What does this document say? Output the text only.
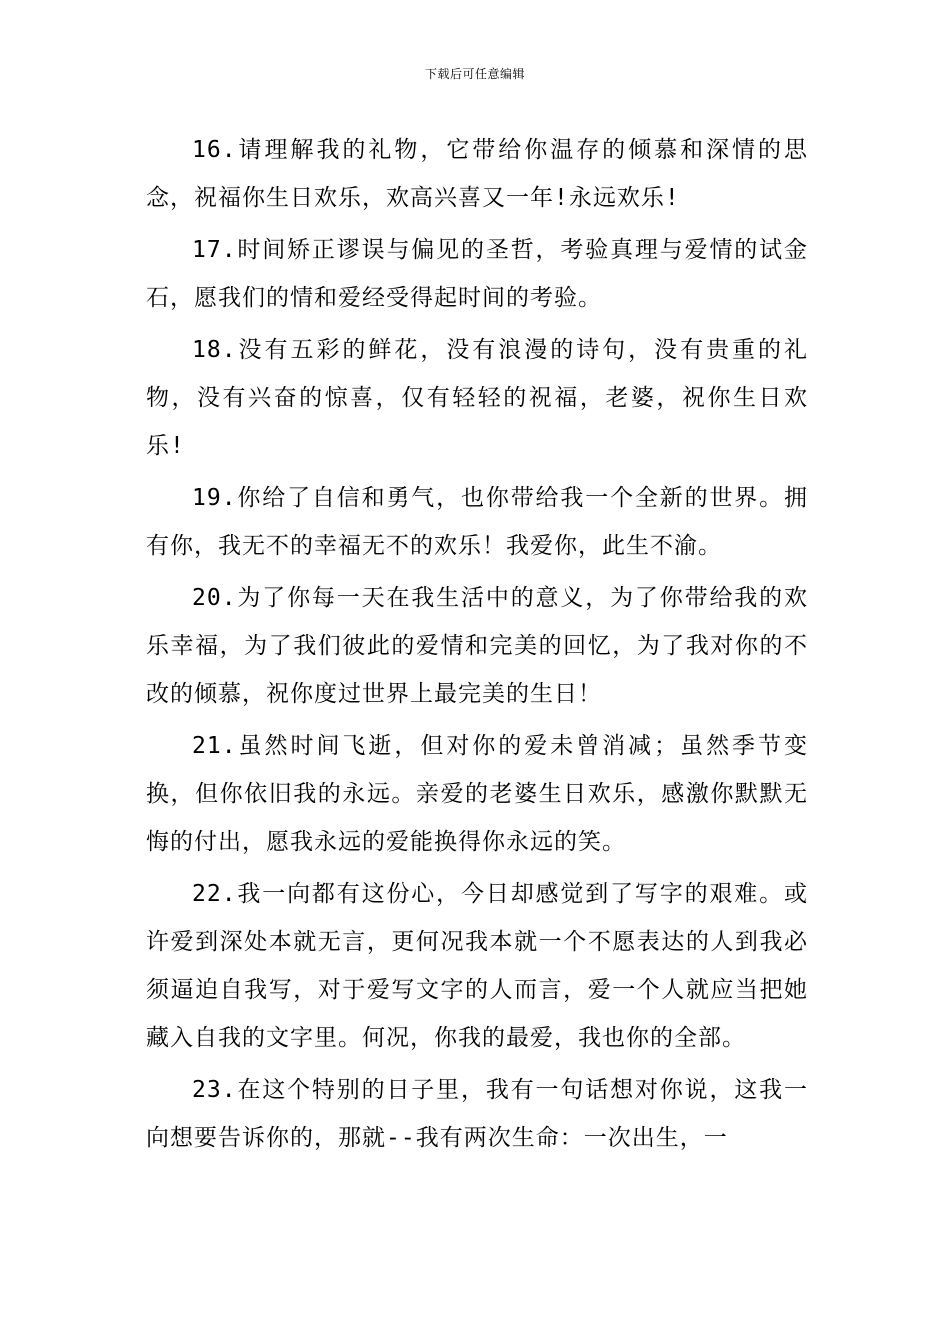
下载后可任意编辑

16.请理解我的礼物，它带给你温存的倾慕和深情的思念，祝福你生日欢乐，欢高兴喜又一年!永远欢乐!

17.时间矫正谬误与偏见的圣哲，考验真理与爱情的试金石，愿我们的情和爱经受得起时间的考验。

18.没有五彩的鲜花，没有浪漫的诗句，没有贵重的礼物，没有兴奋的惊喜，仅有轻轻的祝福，老婆，祝你生日欢乐!

19.你给了自信和勇气，也你带给我一个全新的世界。拥有你，我无不的幸福无不的欢乐！我爱你，此生不渝。

20.为了你每一天在我生活中的意义，为了你带给我的欢乐幸福，为了我们彼此的爱情和完美的回忆，为了我对你的不改的倾慕，祝你度过世界上最完美的生日！

21.虽然时间飞逝，但对你的爱未曾消减；虽然季节变换，但你依旧我的永远。亲爱的老婆生日欢乐，感激你默默无悔的付出，愿我永远的爱能换得你永远的笑。

22.我一向都有这份心，今日却感觉到了写字的艰难。或许爱到深处本就无言，更何况我本就一个不愿表达的人到我必须逼迫自我写，对于爱写文字的人而言，爱一个人就应当把她藏入自我的文字里。何况，你我的最爱，我也你的全部。

23.在这个特别的日子里，我有一句话想对你说，这我一向想要告诉你的，那就--我有两次生命：一次出生，一
